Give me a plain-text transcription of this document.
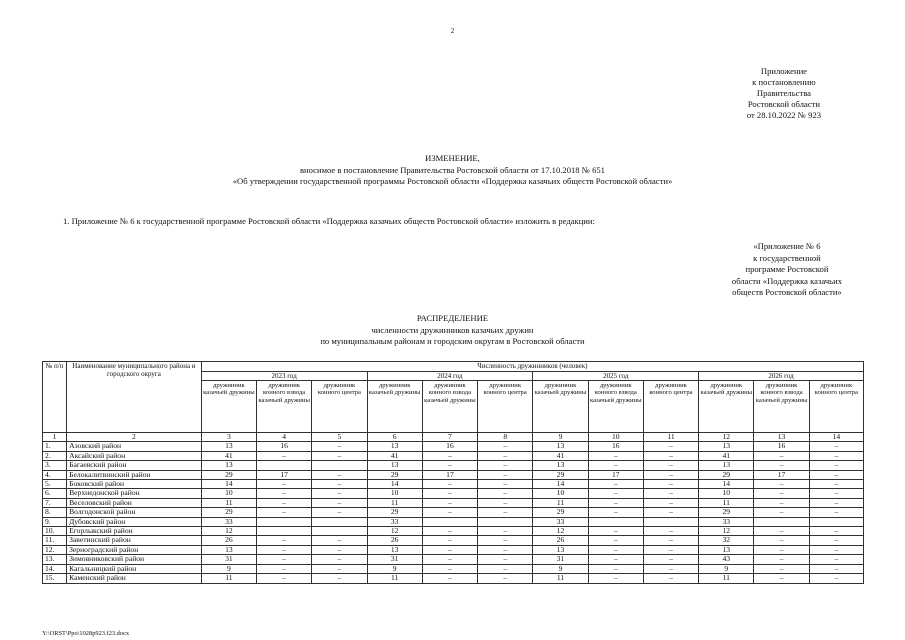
2
Приложение
к постановлению
Правительства
Ростовской области
от 28.10.2022 № 923
ИЗМЕНЕНИЕ,
вносимое в постановление Правительства Ростовской области от 17.10.2018 № 651
«Об утверждении государственной программы Ростовской области «Поддержка казачьих обществ Ростовской области»
1. Приложение № 6 к государственной программе Ростовской области «Поддержка казачьих обществ Ростовской области» изложить в редакции:
«Приложение № 6
к государственной
программе Ростовской
области «Поддержка казачьих
обществ Ростовской области»
РАСПРЕДЕЛЕНИЕ
численности дружинников казачьих дружин
по муниципальным районам и городским округам в Ростовской области
№ п/п	Наименование муниципального района и городского округа	Численность дружинников (человек)											
		2023 год			2024 год			2025 год			2026 год		
		дружинник казачьей дружины	дружинник конного взвода казачьей дружины	дружинник конного центра	дружинник казачьей дружины	дружинник конного взвода казачьей дружины	дружинник конного центра	дружинник казачьей дружины	дружинник конного взвода казачьей дружины	дружинник конного центра	дружинник казачьей дружины	дружинник конного взвода казачьей дружины	дружинник конного центра
1	2	3	4	5	6	7	8	9	10	11	12	13	14
1.	Азовский район	13	16	–	13	16	–	13	16	–	13	16	–
2.	Аксайский район	41	–	–	41	–	–	41	–	–	41	–	–
3.	Багаевский район	13			13	–	–	13	–	–	13	–	–
4.	Белокалитвинский район	29	17	–	29	17	–	29	17	–	29	17	–
5.	Боковский район	14	–	–	14	–	–	14	–	–	14	–	–
6.	Верхнедонской район	10	–	–	10	–	–	10	–	–	10	–	–
7.	Веселовский район	11	–	–	11	–	–	11	–	–	11	–	–
8.	Волгодонской район	29	–	–	29	–	–	29	–	–	29	–	–
9.	Дубовский район	33			33			33			33		
10.	Егорлыкский район	12			12	–	–	12	–	–	12	–	–
11.	Заветинский район	26	–	–	26	–	–	26	–	–	32	–	–
12.	Зерноградский район	13	–	–	13	–	–	13	–	–	13	–	–
13.	Зимовниковский район	31	–	–	31	–	–	31	–	–	43	–	–
14.	Кагальницкий район	9	–	–	9	–	–	9	–	–	9	–	–
15.	Каменский район	11	–	–	11	–	–	11	–	–	11	–	–
Y:\ORST\Ppo\1028p923.f23.docx
